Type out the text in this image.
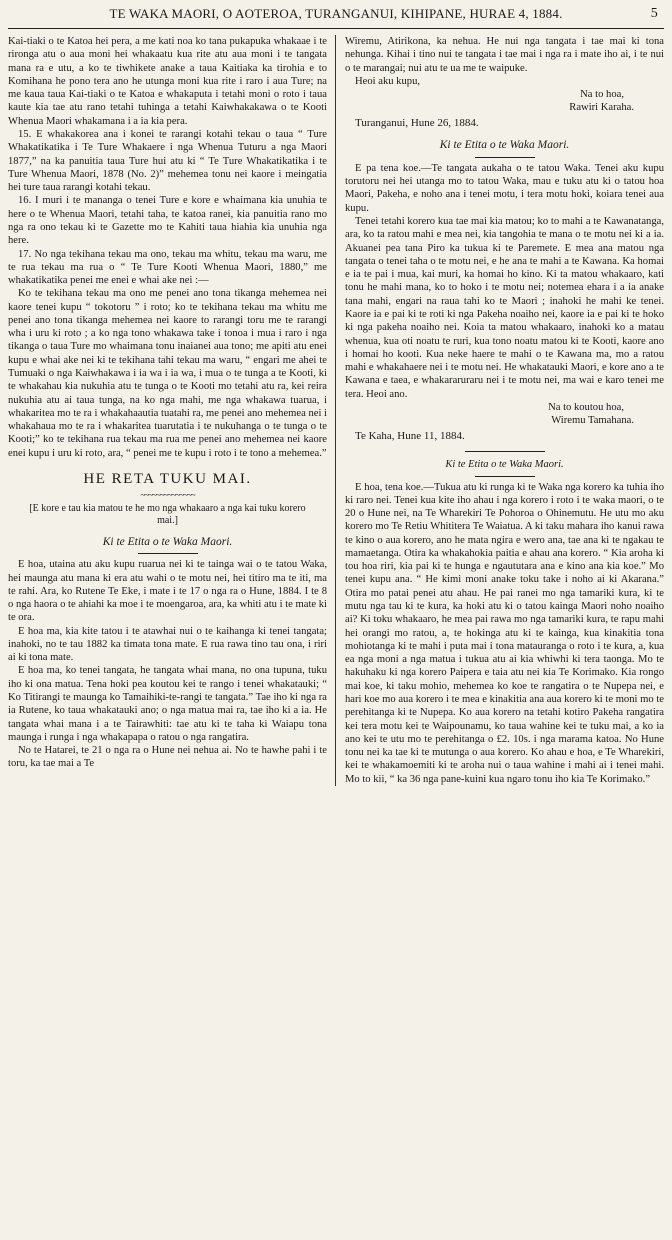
TE WAKA MAORI, O AOTEROA, TURANGANUI, KIHIPANE, HURAE 4, 1884.	5

Kai-tiaki o te Katoa hei pera, a me kati noa ko tana pukapuka whakaae i te rironga atu o aua moni hei whakaatu kua rite atu aua moni i te tangata mana ra e utu, a ko te tiwhikete anake a taua Kaitiaka ka tirohia e to Komihana he pono tera ano he utunga moni kua rite i raro i aua Ture; na me kaua taua Kai-tiaki o te Katoa e whakaputa i tetahi moni o roto i taua kaute kia tae atu rano tetahi tuhinga a tetahi Kaiwhakakawa o te Kooti Whenua Maori whakamana i a ia kia pera.

15. E whakakorea ana i konei te rarangi kotahi tekau o taua “ Ture Whakatikatika i Te Ture Whakaere i nga Whenua Tuturu a nga Maori 1877,” na ka panuitia taua Ture hui atu ki “ Te Ture Whakatikatika i te Ture Whenua Maori, 1878 (No. 2)” mehemea tonu nei kaore i meingatia hei ture taua rarangi kotahi tekau.

16. I muri i te mananga o tenei Ture e kore e whaimana kia unuhia te here o te Whenua Maori, tetahi taha, te katoa ranei, kia panuitia rano mo nga ra ono tekau ki te Gazette mo te Kahiti taua hiahia kia unuhia nga here.

17. No nga tekihana tekau ma ono, tekau ma whitu, tekau ma waru, me te rua tekau ma rua o “ Te Ture Kooti Whenua Maori, 1880,” me whakatikatika penei me enei e whai ake nei :—

Ko te tekihana tekau ma ono me penei ano tona tikanga mehemea nei kaore tenei kupu “ tokotoru ” i roto; ko te tekihana tekau ma whitu me penei ano tona tikanga mehemea nei kaore to rarangi toru me te rarangi wha i uru ki roto ; a ko nga tono whakawa take i tonoa i mua i raro i nga tikanga o taua Ture mo whaimana tonu inaianei aua tono; me apiti atu enei kupu e whai ake nei ki te tekihana tahi tekau ma waru, “ engari me ahei te Tumuaki o nga Kaiwhakawa i ia wa i ia wa, i mua o te tunga a te Kooti, ki te whakahau kia nukuhia atu te tunga o te Kooti mo tetahi atu ra, kei reira nukuhia atu ai taua tunga, na ko nga mahi, me nga whakawa tuarua, i whakaritea mo te ra i whakahaautia tuatahi ra, me penei ano mehemea nei i whakahaua mo te ra i whakaritea tuarutatia i te nukuhanga o te tunga o te Kooti;” ko te tekihana rua tekau ma rua me penei ano mehemea nei kaore enei kupu i uru ki roto, ara, “ penei me te kupu i roto i te tono a mehemea.”

HE RETA TUKU MAI.
~~~~~~~~~~~~~~
[E kore e tau kia matou te he mo nga whakaaro a nga kai tuku korero mai.]
Ki te Etita o te Waka Maori.

E hoa, utaina atu aku kupu ruarua nei ki te tainga wai o te tatou Waka, hei maunga atu mana ki era atu wahi o te motu nei, hei titiro ma te iti, ma te rahi. Ara, ko Rutene Te Eke, i mate i te 17 o nga ra o Hune, 1884. I te 8 o nga haora o te ahiahi ka moe i te moengaroa, ara, ka whiti atu i te mate ki te ora.

E hoa ma, kia kite tatou i te atawhai nui o te kaihanga ki tenei tangata; inahoki, no te tau 1882 ka timata tona mate. E rua rawa tino tau ona, i riri ai ki tona mate.

E hoa ma, ko tenei tangata, he tangata whai mana, no ona tupuna, tuku iho ki ona matua. Tena hoki pea koutou kei te rango i tenei whakatauki; “ Ko Titirangi te maunga ko Tamaihiki-te-rangi te tangata.” Tae iho ki nga ra ia Rutene, ko taua whakatauki ano; o nga matua mai ra, tae iho ki a ia. He tangata whai mana i a te Tairawhiti: tae atu ki te taha ki Waiapu tona maunga i runga i nga whakapapa o ratou o nga rangatira.

No te Hatarei, te 21 o nga ra o Hune nei nehua ai. No te hawhe pahi i te toru, ka tae mai a Te

Wiremu, Atirikona, ka nehua. He nui nga tangata i tae mai ki tona nehunga. Kihai i tino nui te tangata i tae mai i nga ra i mate iho ai, i te nui o te marangai; nui atu te ua me te waipuke.

Heoi aku kupu,

Na to hoa,

Rawiri Karaha.

Turanganui, Hune 26, 1884.

Ki te Etita o te Waka Maori.

E pa tena koe.—Te tangata aukaha o te tatou Waka. Tenei aku kupu torutoru nei hei utanga mo to tatou Waka, mau e tuku atu ki o tatou hoa Maori, Pakeha, e noho ana i tenei motu, i tera motu hoki, koiara tenei aua kupu.

Tenei tetahi korero kua tae mai kia matou; ko to mahi a te Kawanatanga, ara, ko ta ratou mahi e mea nei, kia tangohia te mana o te motu nei ki a ia. Akuanei pea tana Piro ka tukua ki te Paremete. E mea ana matou nga tangata o tenei taha o te motu nei, e he ana te mahi a te Kawana. Ka homai e ia te pai i mua, kai muri, ka homai ho kino. Ki ta matou whakaaro, kati tonu he mahi mana, ko to hoko i te motu nei; notemea ehara i a ia anake tana mahi, engari na raua tahi ko te Maori ; inahoki he mahi ke tenei. Kaore ia e pai ki te roti ki nga Pakeha noaiho nei, kaore ia e pai ki te hoko ki nga pakeha noaiho nei. Koia ta matou whakaaro, inahoki ko a matau whenua, kua oti noatu te ruri, kua tono noatu matou ki te Kooti, kaore ano i homai ho kooti. Kua neke haere te mahi o te Kawana ma, mo a ratou mahi e whakahaere nei i te motu nei. He whakatauki Maori, e kore ano a te Kawana e taea, e whakararuraru nei i te motu nei, ma wai e karo tenei me tera. Heoi ano.

Na to koutou hoa,

Wiremu Tamahana.

Te Kaha, Hune 11, 1884.

Ki te Etita o te Waka Maori.

E hoa, tena koe.—Tukua atu ki runga ki te Waka nga korero ka tuhia iho ki raro nei. Tenei kua kite iho ahau i nga korero i roto i te waka maori, o te 20 o Hune nei, na Te Wharekiri Te Pohoroa o Ohinemutu. He utu mo aku korero mo Te Retiu Whititera Te Waiatua. A ki taku mahara iho kanui rawa te kino o aua korero, ano he mata ngira e wero ana, tae ana ki te ngakau te mamaetanga. Otira ka whakahokia paitia e ahau ana korero. “ Kia aroha ki tou hoa riri, kia pai ki te hunga e ngaututara ana e kino ana kia koe.” Mo tenei kupu ana. “ He kimi moni anake toku take i noho ai ki Akarana.” Otira mo patai penei atu ahau. He pai ranei mo nga tamariki kura, ki te mutu nga tau ki te kura, ka hoki atu ki o tatou kainga Maori noho noaiho ai? Ki toku whakaaro, he mea pai rawa mo nga tamariki kura, te rapu mahi hei orangi mo ratou, a, te hokinga atu ki te kainga, kua kinakitia tona mohiotanga ki te mahi i puta mai i tona matauranga o roto i te kura, a, kua ea nga moni a nga matua i tukua atu ai kia whiwhi ki tera taonga. Mo te hakuhaku ki nga korero Paipera e taia atu nei kia Te Korimako. Kia rongo mai koe, ki taku mohio, mehemea ko koe te rangatira o te Nupepa nei, e hari koe mo aua korero i te mea e kinakitia ana aua korero ki te moni mo te perehitanga ki te Nupepa. Ko aua korero na tetahi kotiro Pakeha rangatira kei tera motu kei te Waipounamu, ko taua wahine kei te tuku mai, a ko ia ano kei te utu mo te perehitanga o £2. 10s. i nga marama katoa. No Hune tonu nei ka tae ki te mutunga o aua korero. Ko ahau e hoa, e Te Wharekiri, kei te whakamoemiti ki te aroha nui o taua wahine i mahi ai i tenei mahi. Mo to kii, “ ka 36 nga pane-kuini kua ngaro tonu iho kia Te Korimako.”
